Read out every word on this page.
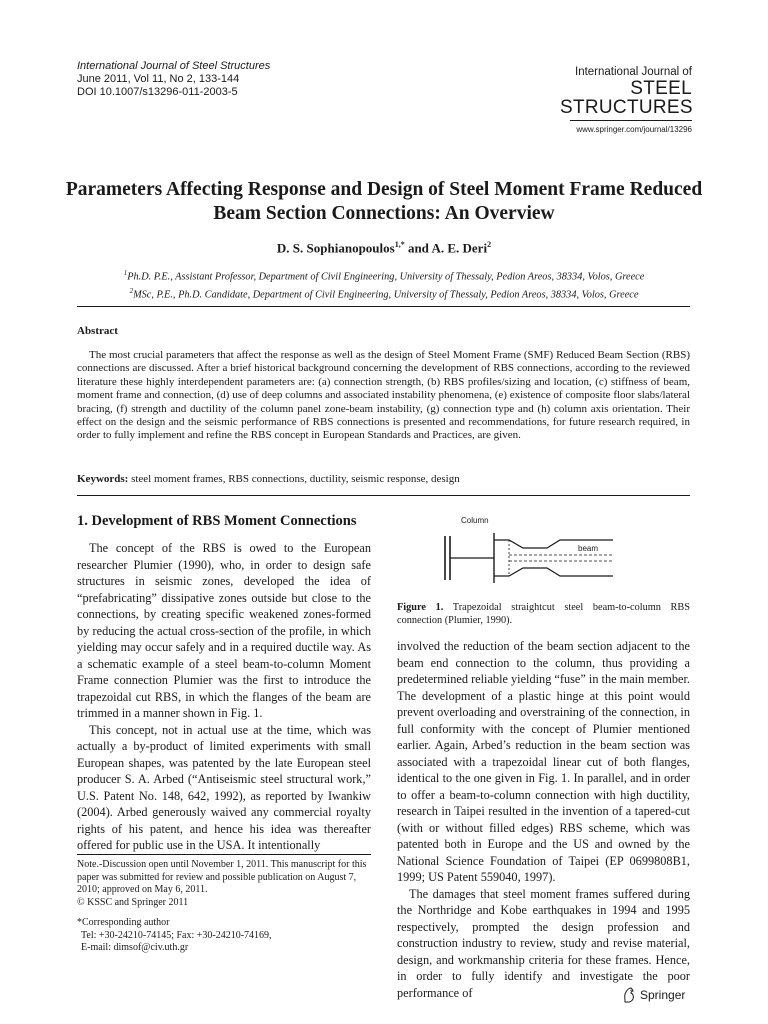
International Journal of Steel Structures
June 2011, Vol 11, No 2, 133-144
DOI 10.1007/s13296-011-2003-5
International Journal of
STEEL
STRUCTURES
www.springer.com/journal/13296
Parameters Affecting Response and Design of Steel Moment Frame Reduced Beam Section Connections: An Overview
D. S. Sophianopoulos$^{1,*}$ and A. E. Deri$^2$
$^1$Ph.D. P.E., Assistant Professor, Department of Civil Engineering, University of Thessaly, Pedion Areos, 38334, Volos, Greece
$^2$MSc, P.E., Ph.D. Candidate, Department of Civil Engineering, University of Thessaly, Pedion Areos, 38334, Volos, Greece
Abstract

The most crucial parameters that affect the response as well as the design of Steel Moment Frame (SMF) Reduced Beam Section (RBS) connections are discussed. After a brief historical background concerning the development of RBS connections, according to the reviewed literature these highly interdependent parameters are: (a) connection strength, (b) RBS profiles/sizing and location, (c) stiffness of beam, moment frame and connection, (d) use of deep columns and associated instability phenomena, (e) existence of composite floor slabs/lateral bracing, (f) strength and ductility of the column panel zone-beam instability, (g) connection type and (h) column axis orientation. Their effect on the design and the seismic performance of RBS connections is presented and recommendations, for future research required, in order to fully implement and refine the RBS concept in European Standards and Practices, are given.

Keywords: steel moment frames, RBS connections, ductility, seismic response, design
1. Development of RBS Moment Connections

The concept of the RBS is owed to the European researcher Plumier (1990), who, in order to design safe structures in seismic zones, developed the idea of “prefabricating” dissipative zones outside but close to the connections, by creating specific weakened zones-formed by reducing the actual cross-section of the profile, in which yielding may occur safely and in a required ductile way. As a schematic example of a steel beam-to-column Moment Frame connection Plumier was the first to introduce the trapezoidal cut RBS, in which the flanges of the beam are trimmed in a manner shown in Fig. 1.

This concept, not in actual use at the time, which was actually a by-product of limited experiments with small European shapes, was patented by the late European steel producer S. A. Arbed (“Antiseismic steel structural work,” U.S. Patent No. 148, 642, 1992), as reported by Iwankiw (2004). Arbed generously waived any commercial royalty rights of his patent, and hence his idea was thereafter offered for public use in the USA. It intentionally

Note.-Discussion open until November 1, 2011. This manuscript for this paper was submitted for review and possible publication on August 7, 2010; approved on May 6, 2011.

© KSSC and Springer 2011

*Corresponding author

Tel: +30-24210-74145; Fax: +30-24210-74169,

E-mail: dimsof@civ.uth.gr

Column
beam
Figure 1. Trapezoidal straightcut steel beam-to-column RBS connection (Plumier, 1990).

involved the reduction of the beam section adjacent to the beam end connection to the column, thus providing a predetermined reliable yielding “fuse” in the main member. The development of a plastic hinge at this point would prevent overloading and overstraining of the connection, in full conformity with the concept of Plumier mentioned earlier. Again, Arbed’s reduction in the beam section was associated with a trapezoidal linear cut of both flanges, identical to the one given in Fig. 1. In parallel, and in order to offer a beam-to-column connection with high ductility, research in Taipei resulted in the invention of a tapered-cut (with or without filled edges) RBS scheme, which was patented both in Europe and the US and owned by the National Science Foundation of Taipei (EP 0699808B1, 1999; US Patent 559040, 1997).

The damages that steel moment frames suffered during the Northridge and Kobe earthquakes in 1994 and 1995 respectively, prompted the design profession and construction industry to review, study and revise material, design, and workmanship criteria for these frames. Hence, in order to fully identify and investigate the poor performance of	Springer
